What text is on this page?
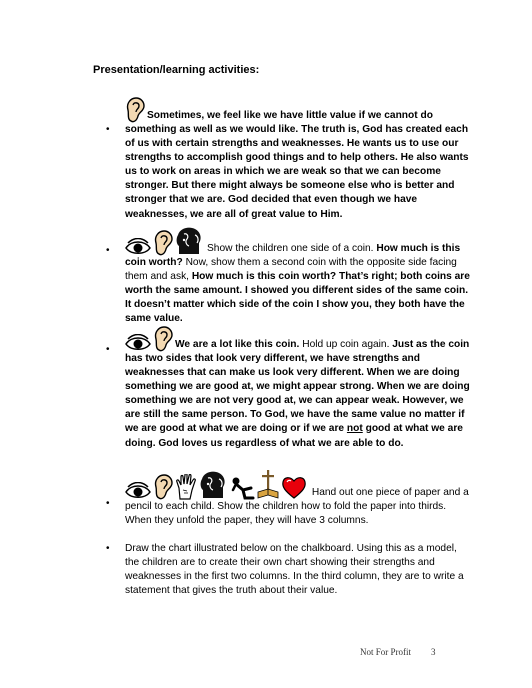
Presentation/learning activities:
•
Sometimes, we feel like we have little value if we cannot do something as well as we would like. The truth is, God has created each of us with certain strengths and weaknesses. He wants us to use our strengths to accomplish good things and to help others. He also wants us to work on areas in which we are weak so that we can become stronger. But there might always be someone else who is better and stronger that we are. God decided that even though we have weaknesses, we are all of great value to Him.
•	Show the children one side of a coin. How much is this coin worth? Now, show them a second coin with the opposite side facing them and ask, How much is this coin worth? That’s right; both coins are worth the same amount. I showed you different sides of the same coin. It doesn’t matter which side of the coin I show you, they both have the same value.
•	We are a lot like this coin. Hold up coin again. Just as the coin has two sides that look very different, we have strengths and weaknesses that can make us look very different. When we are doing something we are good at, we might appear strong. When we are doing something we are not very good at, we can appear weak. However, we are still the same person. To God, we have the same value no matter if we are good at what we are doing or if we are not good at what we are doing. God loves us regardless of what we are able to do.
•

Hand out one piece of paper and a pencil to each child. Show the children how to fold the paper into thirds. When they unfold the paper, they will have 3 columns.
• Draw the chart illustrated below on the chalkboard. Using this as a model, the children are to create their own chart showing their strengths and weaknesses in the first two columns. In the third column, they are to write a statement that gives the truth about their value.
Not For Profit 3
